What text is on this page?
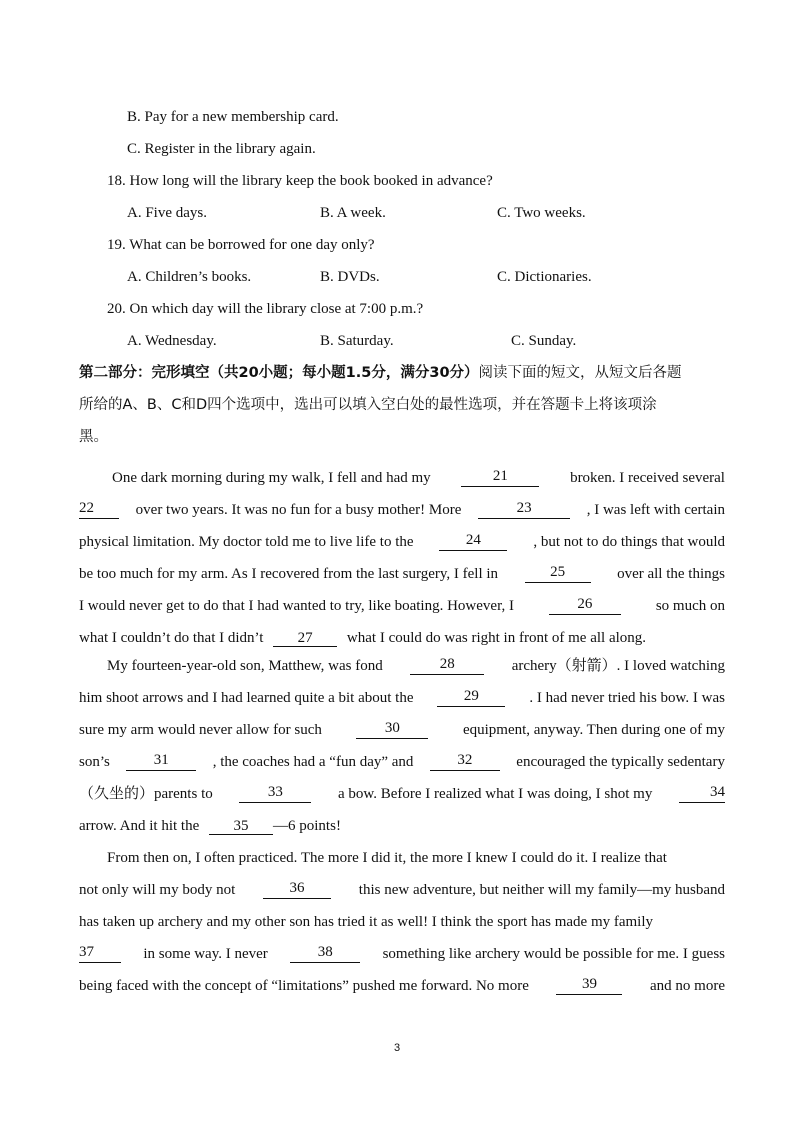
B. Pay for a new membership card.
C. Register in the library again.
18. How long will the library keep the book booked in advance?
A. Five days.	B. A week.	C. Two weeks.
19. What can be borrowed for one day only?
A. Children’s books.	B. DVDs.	C. Dictionaries.
20. On which day will the library close at 7:00 p.m.?
A. Wednesday.	B. Saturday.	C. Sunday.
第二部分：完形填空（共20小题；每小题1.5分，满分30分）阅读下面的短文，从短文后各题
所给的A、B、C和D四个选项中，选出可以填入空白处的最性选项，并在答题卡上将该项涂
黑。
One dark morning during my walk, I fell and had my	21	broken. I received several
22	over two years. It was no fun for a busy mother! More	23	, I was left with certain
physical limitation. My doctor told me to live life to the	24	, but not to do things that would
be too much for my arm. As I recovered from the last surgery, I fell in	25	over all the things
I would never get to do that I had wanted to try, like boating. However, I	26	so much on
what I couldn’t do that I didn’t 27 what I could do was right in front of me all along.
My fourteen-year-old son, Matthew, was fond	28	archery（射箭）. I loved watching
him shoot arrows and I had learned quite a bit about the	29	. I had never tried his bow. I was
sure my arm would never allow for such	30	equipment, anyway. Then during one of my
son’s	31	, the coaches had a “fun day” and	32	encouraged the typically sedentary
（久坐的）parents to	33	a bow. Before I realized what I was doing, I shot my	34
arrow. And it hit the 35 —6 points!
From then on, I often practiced. The more I did it, the more I knew I could do it. I realize that
not only will my body not	36	this new adventure, but neither will my family—my husband
has taken up archery and my other son has tried it as well! I think the sport has made my family
37	in some way. I never	38	something like archery would be possible for me. I guess
being faced with the concept of “limitations” pushed me forward. No more	39	and no more
3
